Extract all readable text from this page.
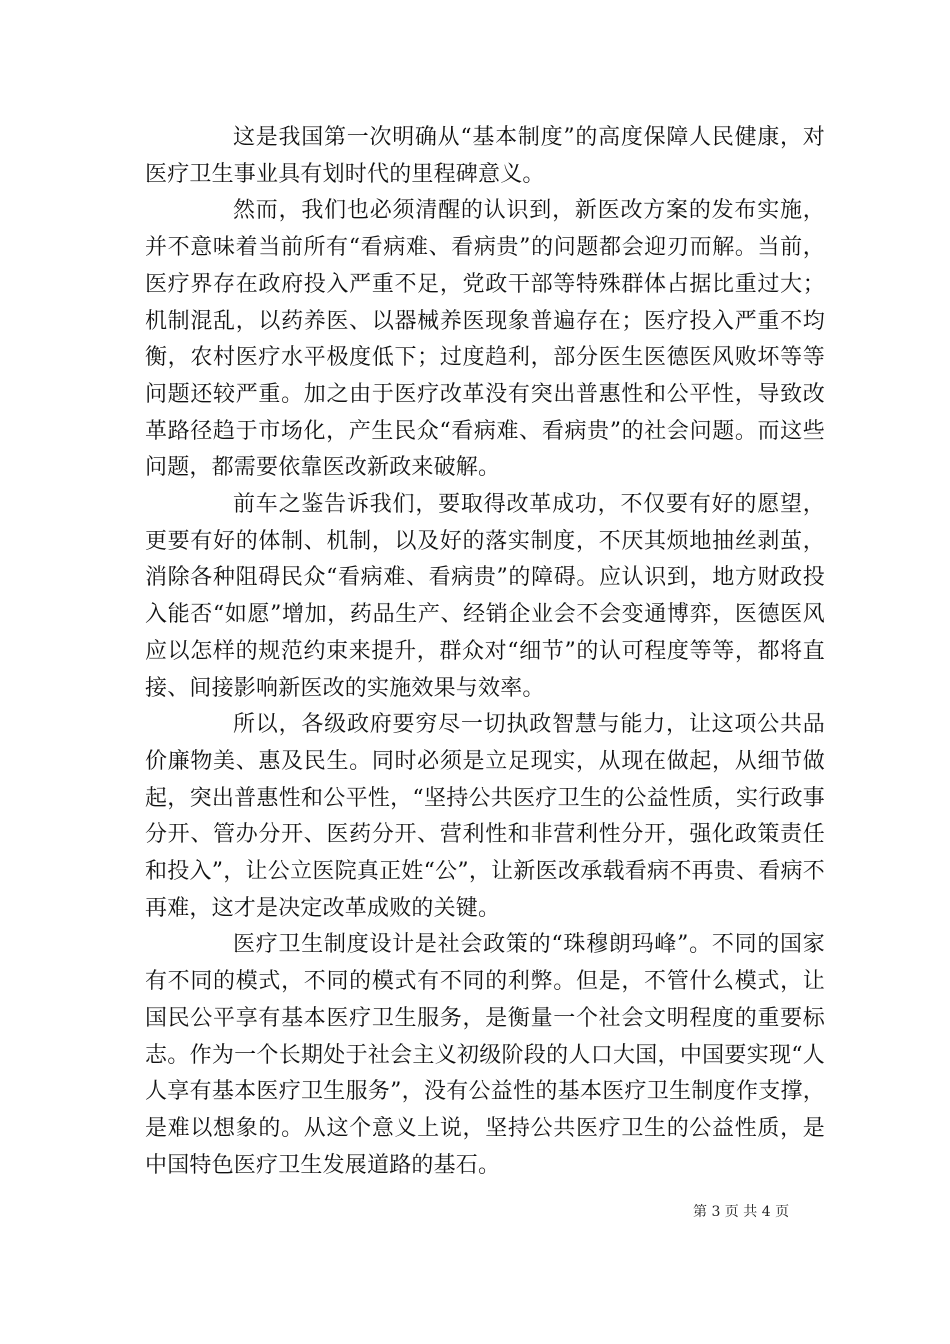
这是我国第一次明确从“基本制度”的高度保障人民健康，对医疗卫生事业具有划时代的里程碑意义。

然而，我们也必须清醒的认识到，新医改方案的发布实施，并不意味着当前所有“看病难、看病贵”的问题都会迎刃而解。当前，医疗界存在政府投入严重不足，党政干部等特殊群体占据比重过大；机制混乱，以药养医、以器械养医现象普遍存在；医疗投入严重不均衡，农村医疗水平极度低下；过度趋利，部分医生医德医风败坏等等问题还较严重。加之由于医疗改革没有突出普惠性和公平性，导致改革路径趋于市场化，产生民众“看病难、看病贵”的社会问题。而这些问题，都需要依靠医改新政来破解。

前车之鉴告诉我们，要取得改革成功，不仅要有好的愿望，更要有好的体制、机制，以及好的落实制度，不厌其烦地抽丝剥茧，消除各种阻碍民众“看病难、看病贵”的障碍。应认识到，地方财政投入能否“如愿”增加，药品生产、经销企业会不会变通博弈，医德医风应以怎样的规范约束来提升，群众对“细节”的认可程度等等，都将直接、间接影响新医改的实施效果与效率。

所以，各级政府要穷尽一切执政智慧与能力，让这项公共品价廉物美、惠及民生。同时必须是立足现实，从现在做起，从细节做起，突出普惠性和公平性，“坚持公共医疗卫生的公益性质，实行政事分开、管办分开、医药分开、营利性和非营利性分开，强化政策责任和投入”，让公立医院真正姓“公”，让新医改承载看病不再贵、看病不再难，这才是决定改革成败的关键。

医疗卫生制度设计是社会政策的“珠穆朗玛峰”。不同的国家有不同的模式，不同的模式有不同的利弊。但是，不管什么模式，让国民公平享有基本医疗卫生服务，是衡量一个社会文明程度的重要标志。作为一个长期处于社会主义初级阶段的人口大国，中国要实现“人人享有基本医疗卫生服务”，没有公益性的基本医疗卫生制度作支撑，是难以想象的。从这个意义上说，坚持公共医疗卫生的公益性质，是中国特色医疗卫生发展道路的基石。

第 3 页 共 4 页
